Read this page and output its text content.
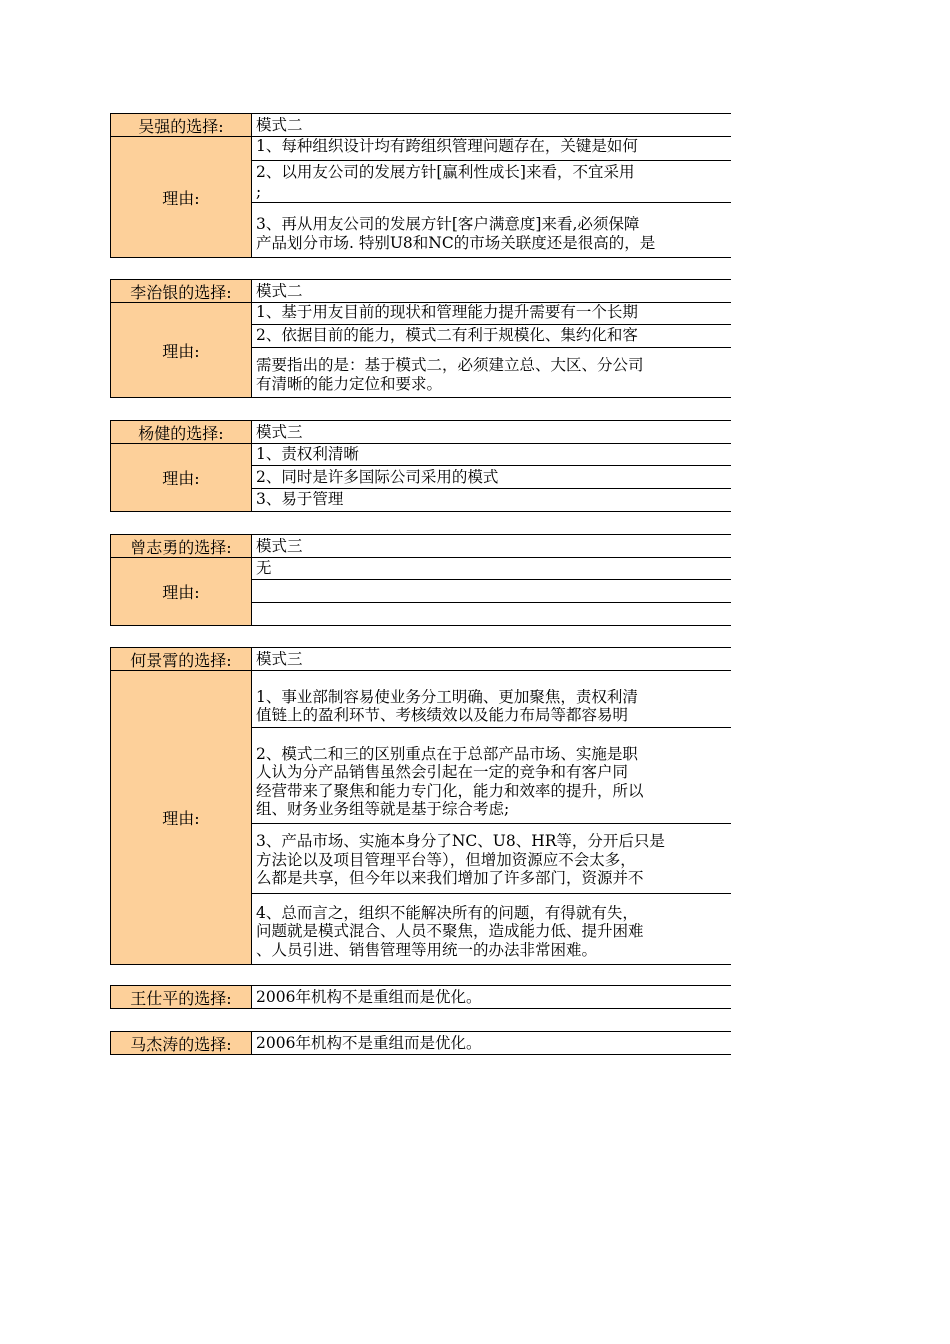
吴强的选择:	模式二
理由:
1、每种组织设计均有跨组织管理问题存在，关键是如何
2、以用友公司的发展方针[赢利性成长]来看，不宜采用
;
3、再从用友公司的发展方针[客户满意度]来看,必须保障
产品划分市场. 特别U8和NC的市场关联度还是很高的，是
李治银的选择:	模式二
理由:
1、基于用友目前的现状和管理能力提升需要有一个长期
2、依据目前的能力，模式二有利于规模化、集约化和客
需要指出的是：基于模式二，必须建立总、大区、分公司
有清晰的能力定位和要求。
杨健的选择:	模式三
理由:
1、责权利清晰
2、同时是许多国际公司采用的模式
3、易于管理
曾志勇的选择:	模式三
理由:
无
何景霄的选择:	模式三
理由:
1、事业部制容易使业务分工明确、更加聚焦，责权利清
值链上的盈利环节、考核绩效以及能力布局等都容易明
2、模式二和三的区别重点在于总部产品市场、实施是职
人认为分产品销售虽然会引起在一定的竞争和有客户同
经营带来了聚焦和能力专门化，能力和效率的提升，所以
组、财务业务组等就是基于综合考虑;
3、产品市场、实施本身分了NC、U8、HR等，分开后只是
方法论以及项目管理平台等），但增加资源应不会太多，
么都是共享，但今年以来我们增加了许多部门，资源并不
4、总而言之，组织不能解决所有的问题，有得就有失，
问题就是模式混合、人员不聚焦，造成能力低、提升困难
、人员引进、销售管理等用统一的办法非常困难。
王仕平的选择:	2006年机构不是重组而是优化。
马杰涛的选择:	2006年机构不是重组而是优化。
